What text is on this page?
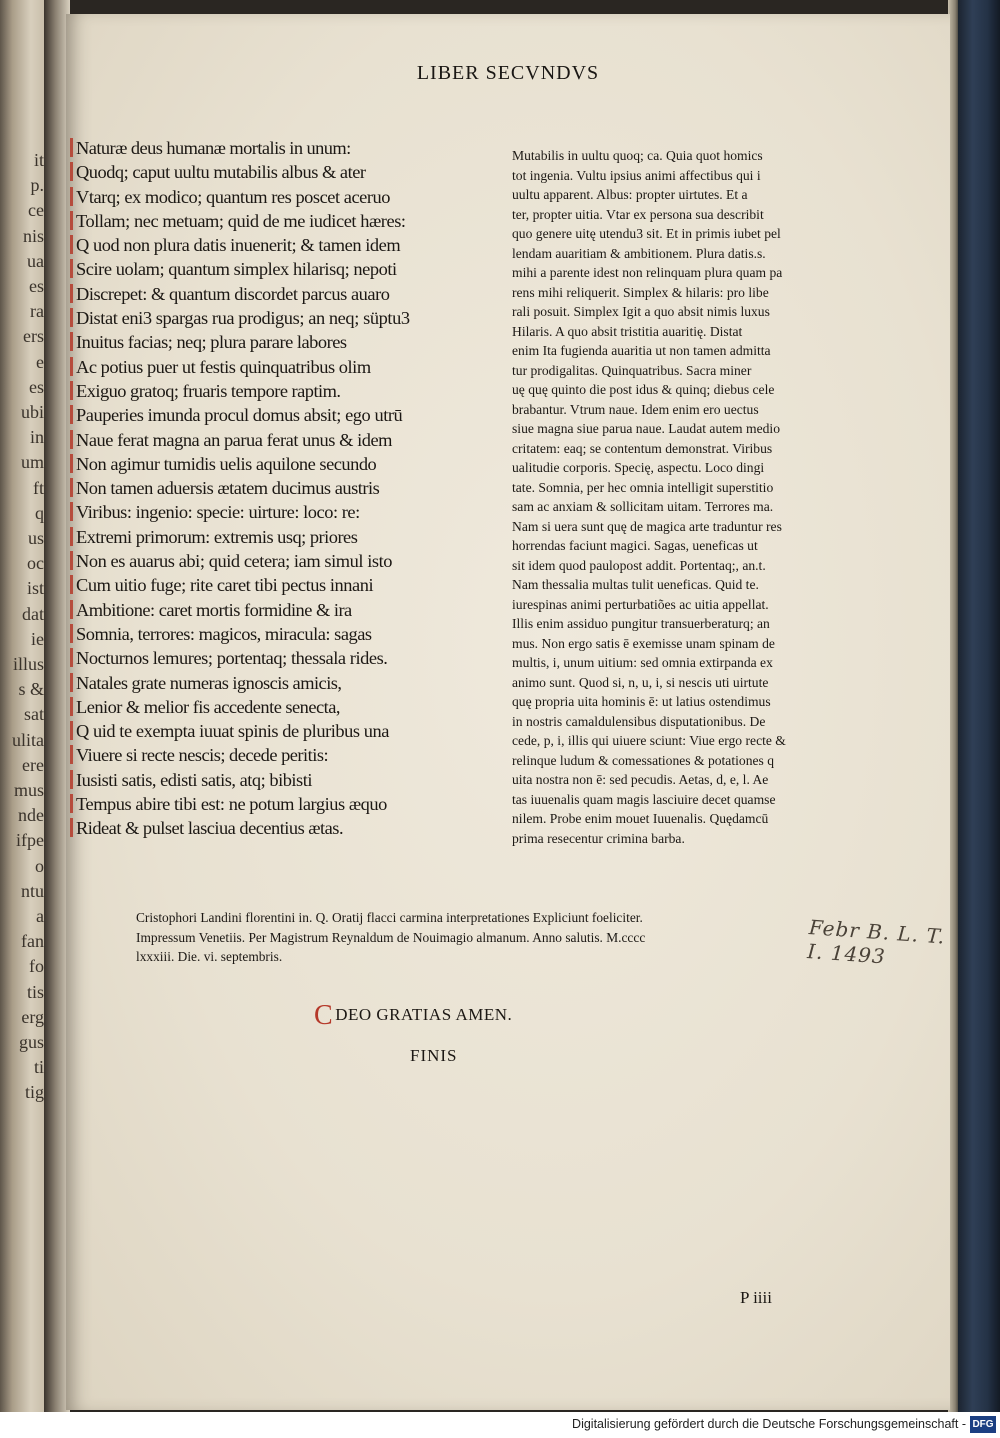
it
p.
ce
nis
ua
es
ra
ers
e
es
ubi
in
um
ft
q
us
oc
ist
dat
ie
illus
s &
sat
ulita
ere
mus
nde
ifpe
o
ntu
a
fan
fo
tis
erg
gus
ti
tig
LIBER SECVNDVS
Naturæ deus humanæ mortalis in unum:
Quodq; caput uultu mutabilis albus & ater
Vtarq; ex modico; quantum res poscet aceruo
Tollam; nec metuam; quid de me iudicet hæres:
Q uod non plura datis inuenerit; & tamen idem
Scire uolam; quantum simplex hilarisq; nepoti
Discrepet: & quantum discordet parcus auaro
Distat eni3 spargas rua prodigus; an neq; süptu3
Inuitus facias; neq; plura parare labores
Ac potius puer ut festis quinquatribus olim
Exiguo gratoq; fruaris tempore raptim.
Pauperies imunda procul domus absit; ego utrū
Naue ferat magna an parua ferat unus & idem
Non agimur tumidis uelis aquilone secundo
Non tamen aduersis ætatem ducimus austris
Viribus: ingenio: specie: uirture: loco: re:
Extremi primorum: extremis usq; priores
Non es auarus abi; quid cetera; iam simul isto
Cum uitio fuge; rite caret tibi pectus innani
Ambitione: caret mortis formidine & ira
Somnia, terrores: magicos, miracula: sagas
Nocturnos lemures; portentaq; thessala rides.
Natales grate numeras ignoscis amicis,
Lenior & melior fis accedente senecta,
Q uid te exempta iuuat spinis de pluribus una
Viuere si recte nescis; decede peritis:
Iusisti satis, edisti satis, atq; bibisti
Tempus abire tibi est: ne potum largius æquo
Rideat & pulset lasciua decentius ætas.
Mutabilis in uultu quoq; ca. Quia quot homics
tot ingenia. Vultu ipsius animi affectibus qui i
uultu apparent. Albus: propter uirtutes. Et a
ter, propter uitia. Vtar ex persona sua describit
quo genere uitę utendu3 sit. Et in primis iubet pel
lendam auaritiam & ambitionem. Plura datis.s.
mihi a parente idest non relinquam plura quam pa
rens mihi reliquerit. Simplex & hilaris: pro libe
rali posuit. Simplex Igit a quo absit nimis luxus
Hilaris. A quo absit tristitia auaritię. Distat
enim Ita fugienda auaritia ut non tamen admitta
tur prodigalitas. Quinquatribus. Sacra miner
uę quę quinto die post idus & quinq; diebus cele
brabantur. Vtrum naue. Idem enim ero uectus
siue magna siue parua naue. Laudat autem medio
critatem: eaq; se contentum demonstrat. Viribus
ualitudie corporis. Specię, aspectu. Loco dingi
tate. Somnia, per hec omnia intelligit superstitio
sam ac anxiam & sollicitam uitam. Terrores ma.
Nam si uera sunt quę de magica arte traduntur res
horrendas faciunt magici. Sagas, ueneficas ut
sit idem quod paulopost addit. Portentaq;, an.t.
Nam thessalia multas tulit ueneficas. Quid te.
iurespinas animi perturbatiões ac uitia appellat.
Illis enim assiduo pungitur transuerberaturq; an
mus. Non ergo satis ē exemisse unam spinam de
multis, i, unum uitium: sed omnia extirpanda ex
animo sunt. Quod si, n, u, i, si nescis uti uirtute
quę propria uita hominis ē: ut latius ostendimus
in nostris camaldulensibus disputationibus. De
cede, p, i, illis qui uiuere sciunt: Viue ergo recte &
relinque ludum & comessationes & potationes q
uita nostra non ē: sed pecudis. Aetas, d, e, l. Ae
tas iuuenalis quam magis lasciuire decet quamse
nilem. Probe enim mouet Iuuenalis. Quędamcū
prima resecentur crimina barba.
Cristophori Landini florentini in. Q. Oratij flacci carmina interpretationes Expliciunt foeliciter.
Impressum Venetiis. Per Magistrum Reynaldum de Nouimagio almanum. Anno salutis. M.cccc
lxxxiii. Die. vi. septembris.
Febr B. L. T. I. 1493
CDEO GRATIAS AMEN.
FINIS
P iiii
Digitalisierung gefördert durch die Deutsche Forschungsgemeinschaft - DFG
